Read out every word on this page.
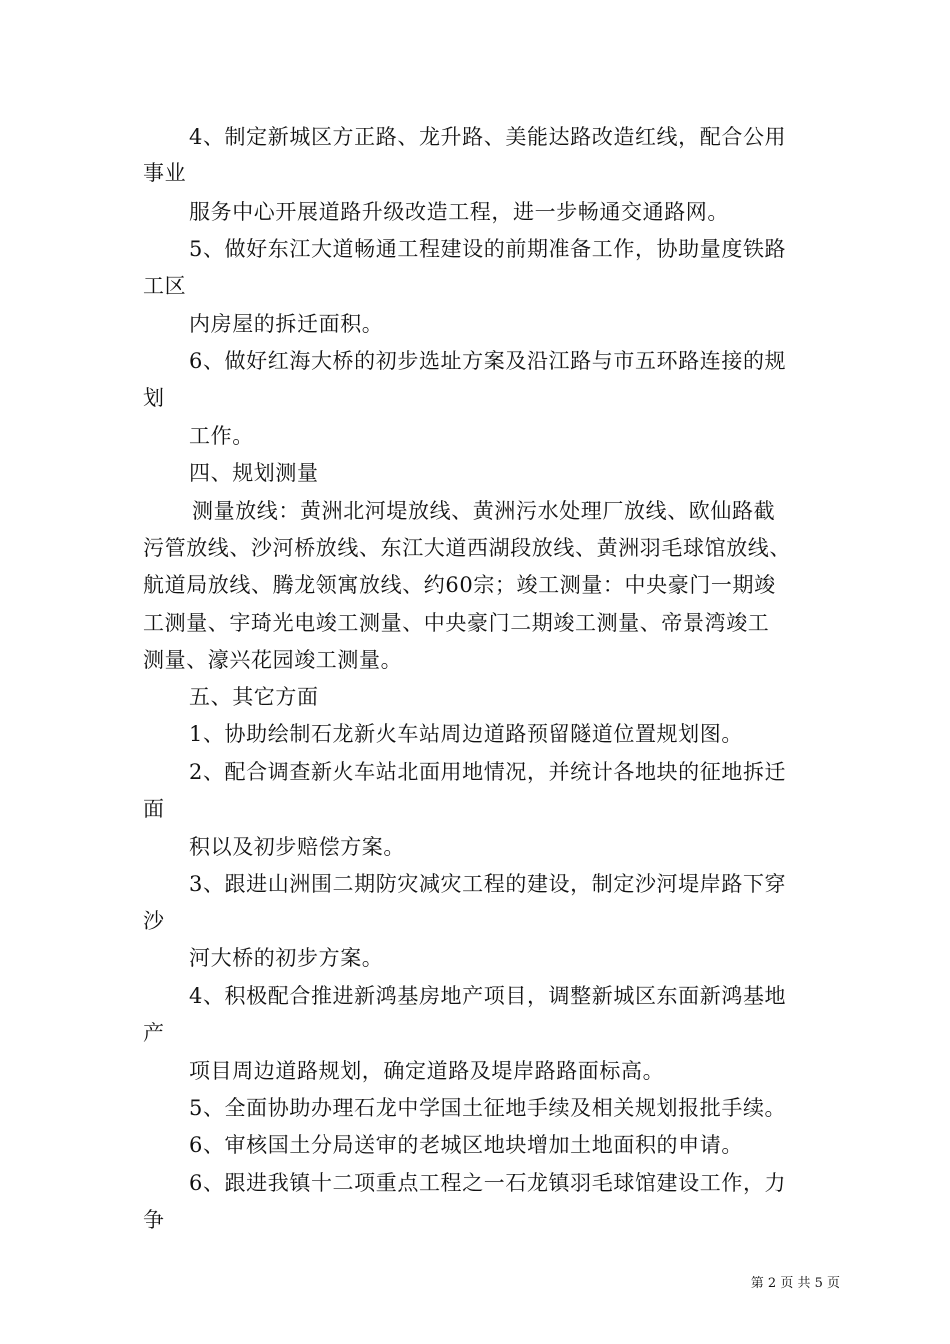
4、制定新城区方正路、龙升路、美能达路改造红线，配合公用
事业
服务中心开展道路升级改造工程，进一步畅通交通路网。
5、做好东江大道畅通工程建设的前期准备工作，协助量度铁路
工区
内房屋的拆迁面积。
6、做好红海大桥的初步选址方案及沿江路与市五环路连接的规
划
工作。
四、规划测量
测量放线：黄洲北河堤放线、黄洲污水处理厂放线、欧仙路截
污管放线、沙河桥放线、东江大道西湖段放线、黄洲羽毛球馆放线、
航道局放线、腾龙领寓放线、约60宗；竣工测量：中央豪门一期竣
工测量、宇琦光电竣工测量、中央豪门二期竣工测量、帝景湾竣工
测量、濠兴花园竣工测量。
五、其它方面
1、协助绘制石龙新火车站周边道路预留隧道位置规划图。
2、配合调查新火车站北面用地情况，并统计各地块的征地拆迁
面
积以及初步赔偿方案。
3、跟进山洲围二期防灾减灾工程的建设，制定沙河堤岸路下穿
沙
河大桥的初步方案。
4、积极配合推进新鸿基房地产项目，调整新城区东面新鸿基地
产
项目周边道路规划，确定道路及堤岸路路面标高。
5、全面协助办理石龙中学国土征地手续及相关规划报批手续。
6、审核国土分局送审的老城区地块增加土地面积的申请。
6、跟进我镇十二项重点工程之一石龙镇羽毛球馆建设工作，力
争
第 2 页 共 5 页
